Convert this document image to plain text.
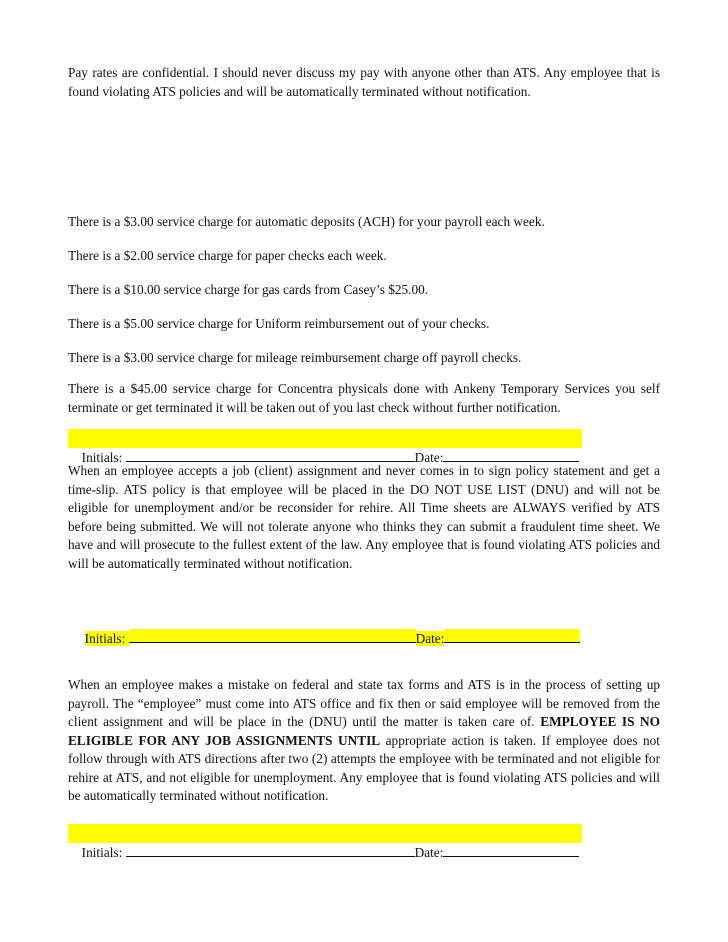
Pay rates are confidential. I should never discuss my pay with anyone other than ATS. Any employee that is found violating ATS policies and will be automatically terminated without notification.

There is a $3.00 service charge for automatic deposits (ACH) for your payroll each week.

There is a $2.00 service charge for paper checks each week.

There is a $10.00 service charge for gas cards from Casey’s $25.00.

There is a $5.00 service charge for Uniform reimbursement out of your checks.

There is a $3.00 service charge for mileage reimbursement charge off payroll checks.

There is a $45.00 service charge for Concentra physicals done with Ankeny Temporary Services you self terminate or get terminated it will be taken out of you last check without further notification.

Initials:	Date:

When an employee accepts a job (client) assignment and never comes in to sign policy statement and get a time-slip. ATS policy is that employee will be placed in the DO NOT USE LIST (DNU) and will not be eligible for unemployment and/or be reconsider for rehire. All Time sheets are ALWAYS verified by ATS before being submitted. We will not tolerate anyone who thinks they can submit a fraudulent time sheet. We have and will prosecute to the fullest extent of the law. Any employee that is found violating ATS policies and will be automatically terminated without notification.

Initials:	Date:

When an employee makes a mistake on federal and state tax forms and ATS is in the process of setting up payroll. The “employee” must come into ATS office and fix then or said employee will be removed from the client assignment and will be place in the (DNU) until the matter is taken care of. EMPLOYEE IS NO ELIGIBLE FOR ANY JOB ASSIGNMENTS UNTIL appropriate action is taken. If employee does not follow through with ATS directions after two (2) attempts the employee with be terminated and not eligible for rehire at ATS, and not eligible for unemployment. Any employee that is found violating ATS policies and will be automatically terminated without notification.

Initials:	Date:
